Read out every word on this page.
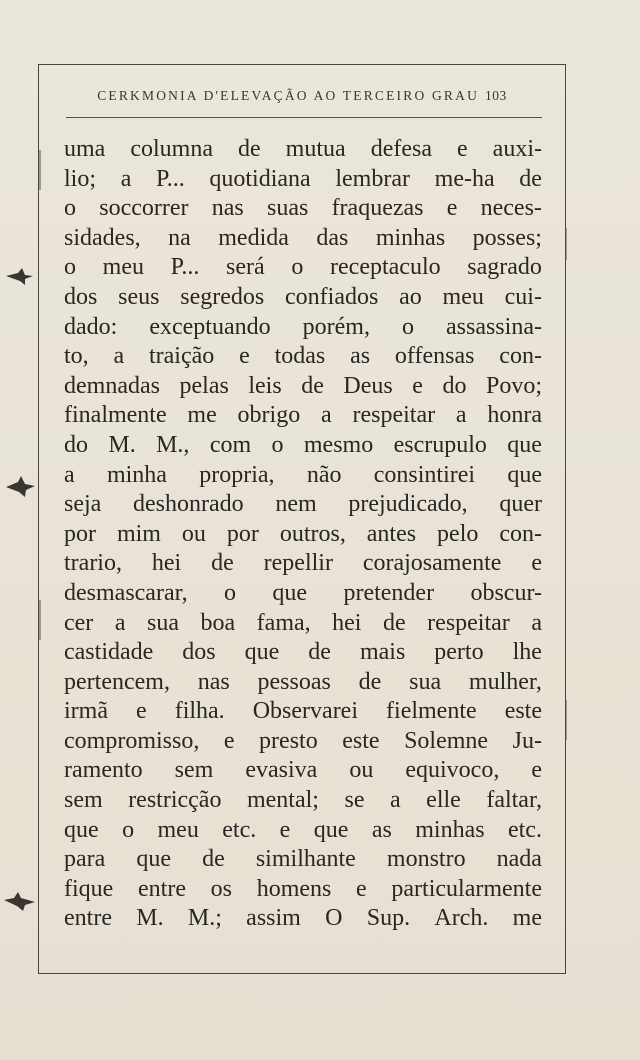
CERKMONIA D'ELEVAÇÃO AO TERCEIRO GRAU 103
uma columna de mutua defesa e auxi-
lio; a P... quotidiana lembrar me-ha de
o soccorrer nas suas fraquezas e neces-
sidades, na medida das minhas posses;
o meu P... será o receptaculo sagrado
dos seus segredos confiados ao meu cui-
dado: exceptuando porém, o assassina-
to, a traição e todas as offensas con-
demnadas pelas leis de Deus e do Povo;
finalmente me obrigo a respeitar a honra
do M. M., com o mesmo escrupulo que
a minha propria, não consintirei que
seja deshonrado nem prejudicado, quer
por mim ou por outros, antes pelo con-
trario, hei de repellir corajosamente e
desmascarar, o que pretender obscur-
cer a sua boa fama, hei de respeitar a
castidade dos que de mais perto lhe
pertencem, nas pessoas de sua mulher,
irmã e filha. Observarei fielmente este
compromisso, e presto este Solemne Ju-
ramento sem evasiva ou equivoco, e
sem restricção mental; se a elle faltar,
que o meu etc. e que as minhas etc.
para que de similhante monstro nada
fique entre os homens e particularmente
entre M. M.; assim O Sup. Arch. me
